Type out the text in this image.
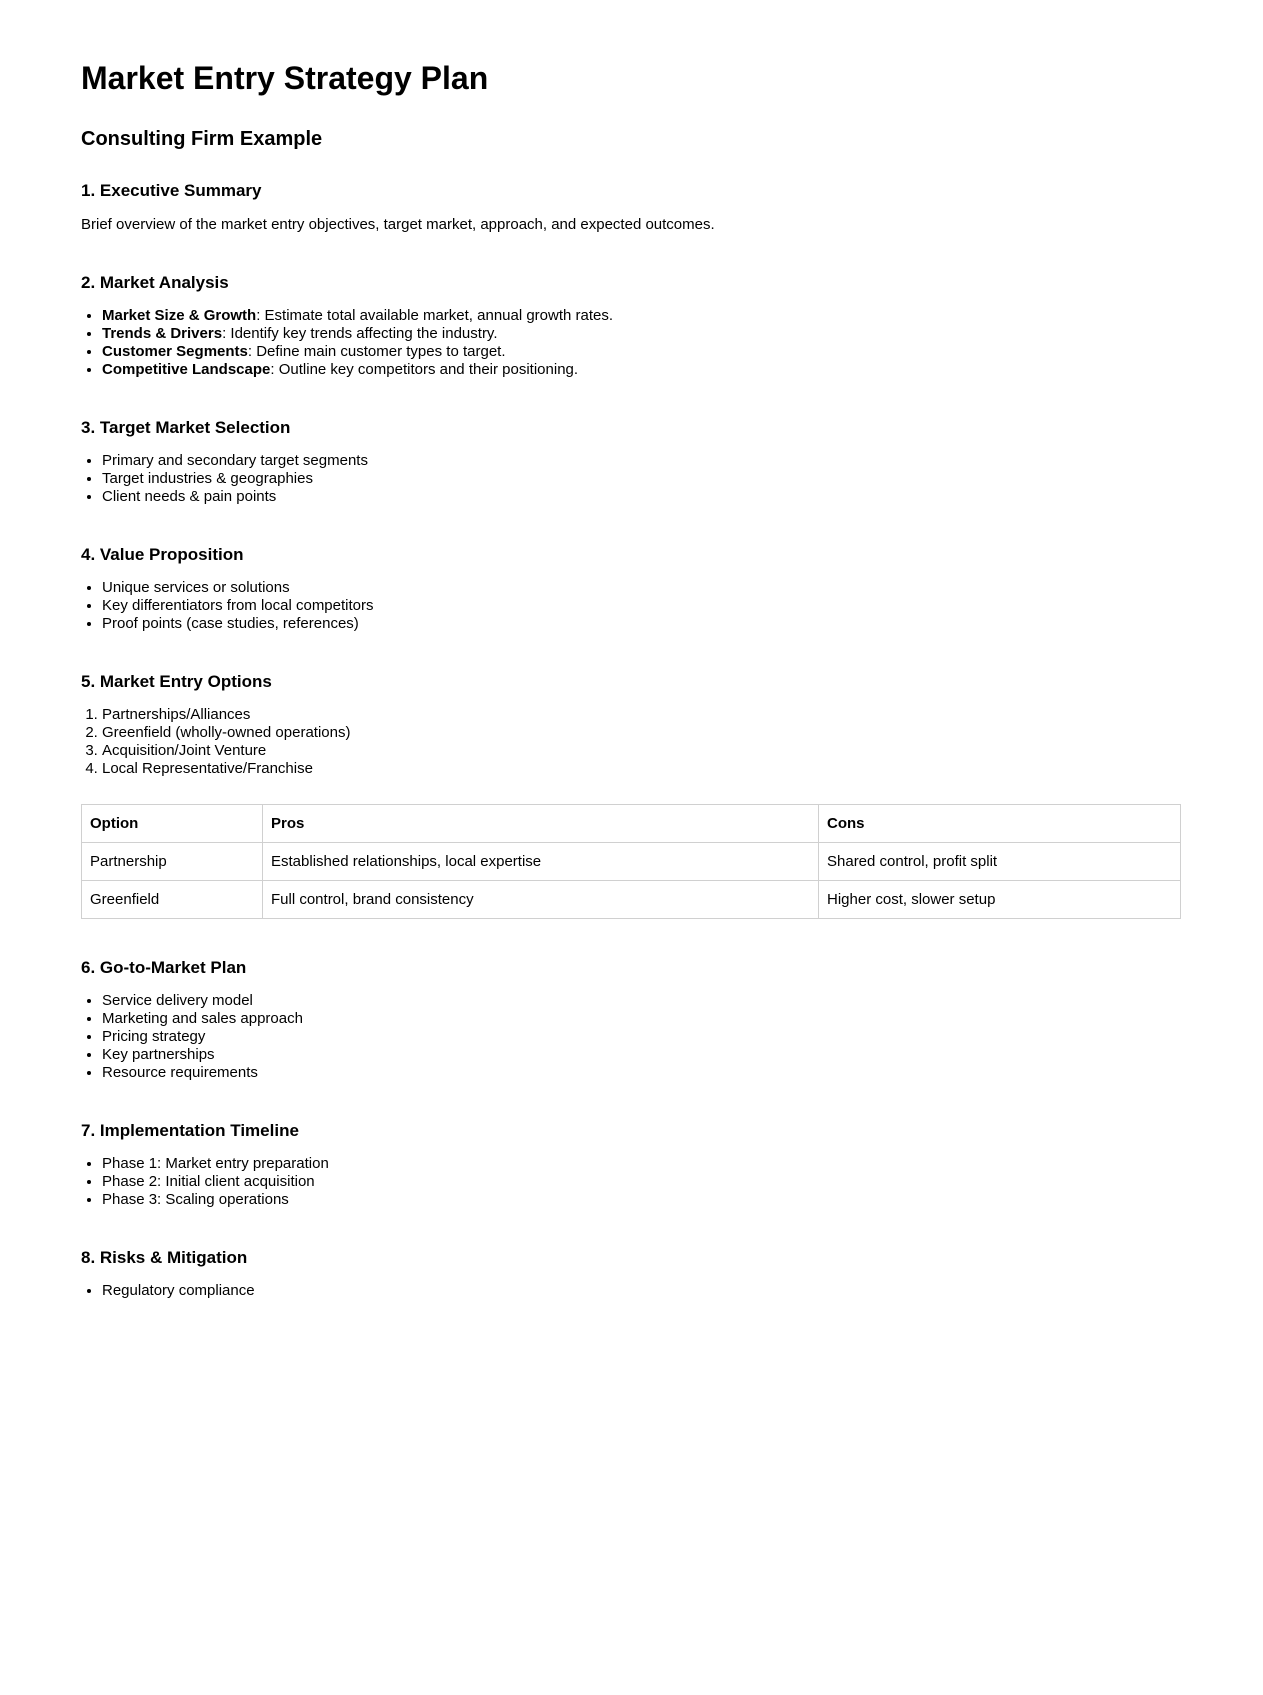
Market Entry Strategy Plan
Consulting Firm Example
1. Executive Summary

Brief overview of the market entry objectives, target market, approach, and expected outcomes.

2. Market Analysis
• Market Size & Growth: Estimate total available market, annual growth rates.
• Trends & Drivers: Identify key trends affecting the industry.
• Customer Segments: Define main customer types to target.
• Competitive Landscape: Outline key competitors and their positioning.
3. Target Market Selection
• Primary and secondary target segments
• Target industries & geographies
• Client needs & pain points
4. Value Proposition
• Unique services or solutions
• Key differentiators from local competitors
• Proof points (case studies, references)
5. Market Entry Options
1. Partnerships/Alliances
2. Greenfield (wholly-owned operations)
3. Acquisition/Joint Venture
4. Local Representative/Franchise
Option	Pros	Cons
Partnership	Established relationships, local expertise	Shared control, profit split
Greenfield	Full control, brand consistency	Higher cost, slower setup
6. Go-to-Market Plan
• Service delivery model
• Marketing and sales approach
• Pricing strategy
• Key partnerships
• Resource requirements
7. Implementation Timeline
• Phase 1: Market entry preparation
• Phase 2: Initial client acquisition
• Phase 3: Scaling operations
8. Risks & Mitigation
• Regulatory compliance
